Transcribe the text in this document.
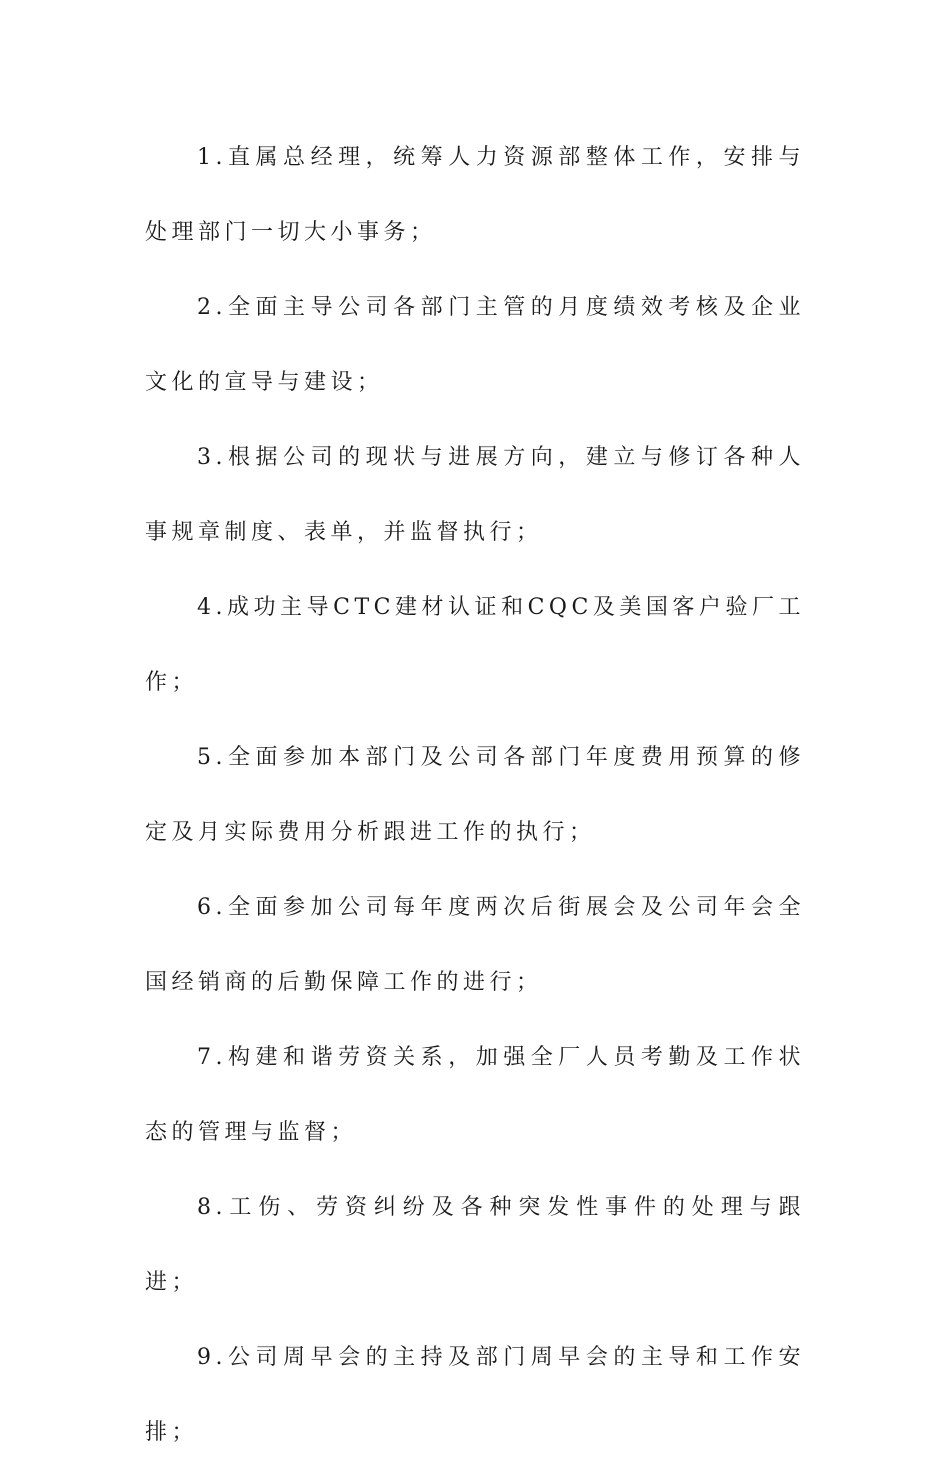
1.直属总经理，统筹人力资源部整体工作，安排与处理部门一切大小事务；

2.全面主导公司各部门主管的月度绩效考核及企业文化的宣导与建设；

3.根据公司的现状与进展方向，建立与修订各种人事规章制度、表单，并监督执行；

4.成功主导CTC建材认证和CQC及美国客户验厂工作；

5.全面参加本部门及公司各部门年度费用预算的修定及月实际费用分析跟进工作的执行；

6.全面参加公司每年度两次后街展会及公司年会全国经销商的后勤保障工作的进行；

7.构建和谐劳资关系，加强全厂人员考勤及工作状态的管理与监督；

8.工伤、劳资纠纷及各种突发性事件的处理与跟进；

9.公司周早会的主持及部门周早会的主导和工作安排；
